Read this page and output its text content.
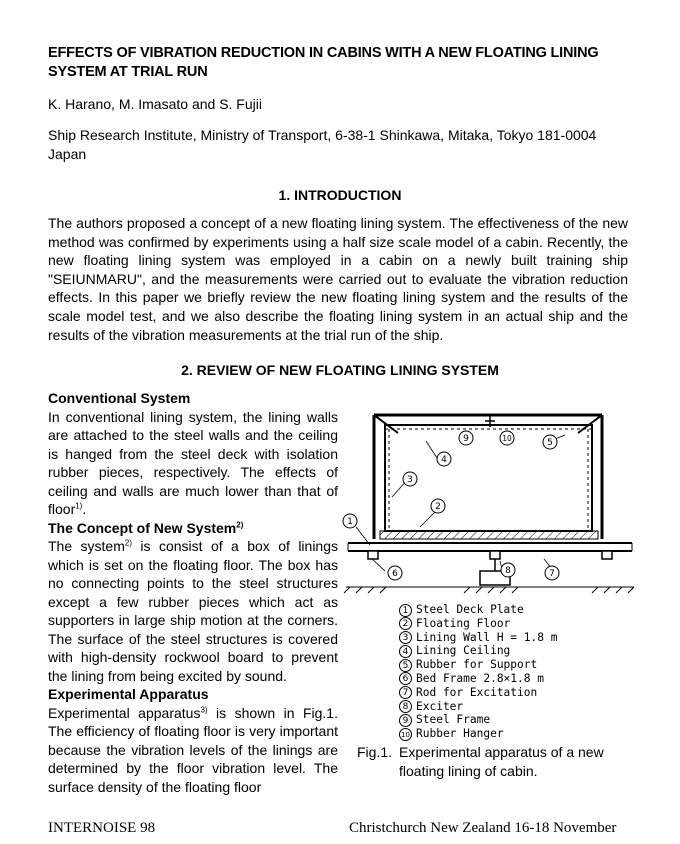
EFFECTS OF VIBRATION REDUCTION IN CABINS WITH A NEW FLOATING LINING
SYSTEM AT TRIAL RUN
K. Harano, M. Imasato and S. Fujii
Ship Research Institute, Ministry of Transport, 6-38-1 Shinkawa, Mitaka, Tokyo 181-0004
Japan
1. INTRODUCTION
The authors proposed a concept of a new floating lining system. The effectiveness of the new method was confirmed by experiments using a half size scale model of a cabin. Recently, the new floating lining system was employed in a cabin on a newly built training ship "SEIUNMARU", and the measurements were carried out to evaluate the vibration reduction effects. In this paper we briefly review the new floating lining system and the results of the scale model test, and we also describe the floating lining system in an actual ship and the results of the vibration measurements at the trial run of the ship.
2. REVIEW OF NEW FLOATING LINING SYSTEM

Conventional System

In conventional lining system, the lining walls are attached to the steel walls and the ceiling is hanged from the steel deck with isolation rubber pieces, respectively. The effects of ceiling and walls are much lower than that of floor$^{1)}$.

The Concept of New System$^{2)}$

The system$^{2)}$ is consist of a box of linings which is set on the floating floor. The box has no connecting points to the steel structures except a few rubber pieces which act as supporters in large ship motion at the corners. The surface of the steel structures is covered with high-density rockwool board to prevent the lining from being excited by sound.

Experimental Apparatus

Experimental apparatus$^{3)}$ is shown in Fig.1. The efficiency of floating floor is very important because the vibration levels of the linings are determined by the floor vibration level. The surface density of the floating floor

1
2
3
4
5
6	7
8
9	10
1 Steel Deck Plate
2 Floating Floor
3 Lining Wall H = 1.8 m
4 Lining Ceiling
5 Rubber for Support
6 Bed Frame 2.8×1.8 m
7 Rod for Excitation
8 Exciter
9 Steel Frame
10 Rubber Hanger
Fig.1. Experimental apparatus of a new
floating lining of cabin.
INTERNOISE 98	Christchurch New Zealand 16-18 November
